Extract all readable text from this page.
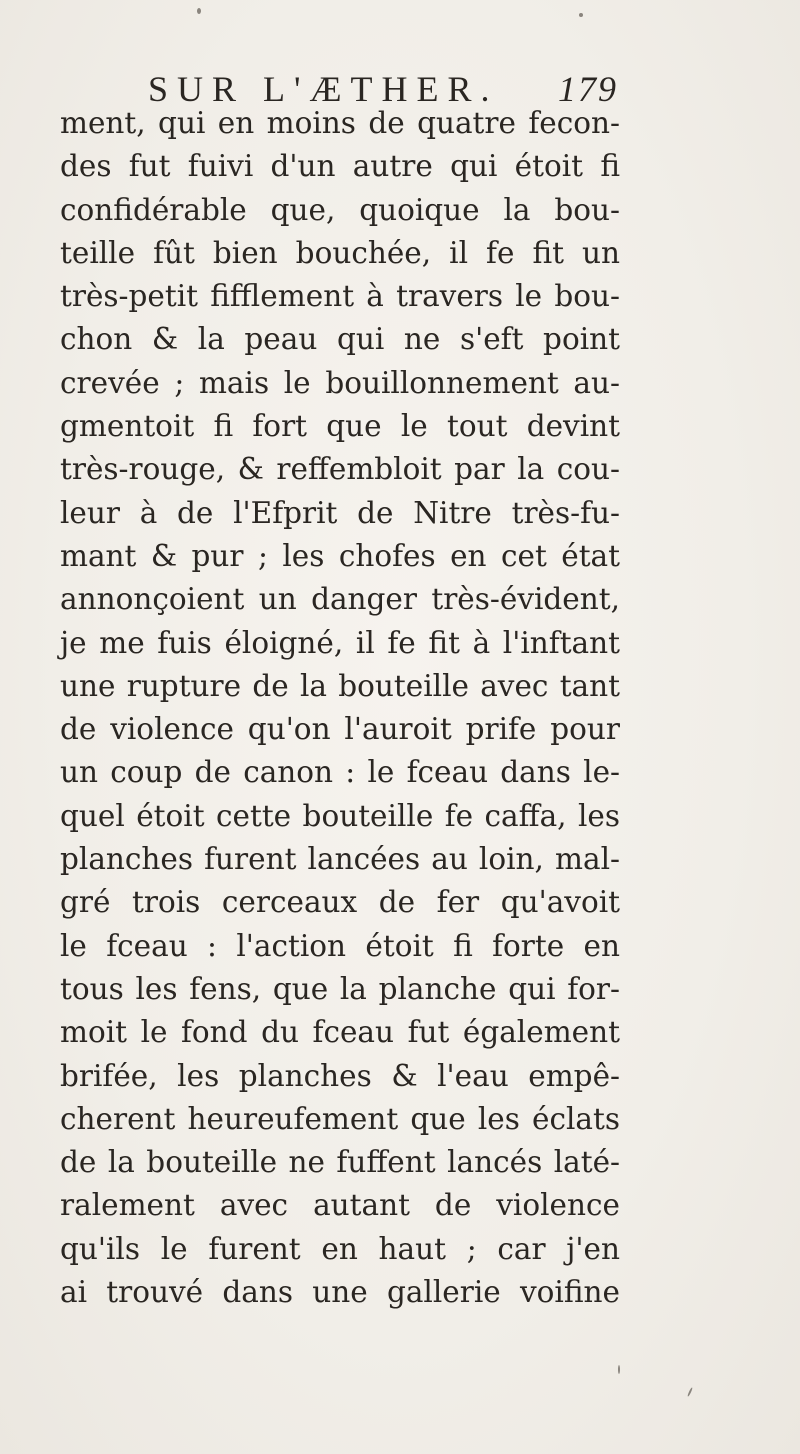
SUR L'ÆTHER. 179
ment, qui en moins de quatre fecon-
des fut fuivi d'un autre qui étoit fi
confidérable que, quoique la bou-
teille fût bien bouchée, il fe fit un
très-petit fifflement à travers le bou-
chon & la peau qui ne s'eft point
crevée ; mais le bouillonnement au-
gmentoit fi fort que le tout devint
très-rouge, & reffembloit par la cou-
leur à de l'Efprit de Nitre très-fu-
mant & pur ; les chofes en cet état
annonçoient un danger très-évident,
je me fuis éloigné, il fe fit à l'inftant
une rupture de la bouteille avec tant
de violence qu'on l'auroit prife pour
un coup de canon : le fceau dans le-
quel étoit cette bouteille fe caffa, les
planches furent lancées au loin, mal-
gré trois cerceaux de fer qu'avoit
le fceau : l'action étoit fi forte en
tous les fens, que la planche qui for-
moit le fond du fceau fut également
brifée, les planches & l'eau empê-
cherent heureufement que les éclats
de la bouteille ne fuffent lancés laté-
ralement avec autant de violence
qu'ils le furent en haut ; car j'en
ai trouvé dans une gallerie voifine
